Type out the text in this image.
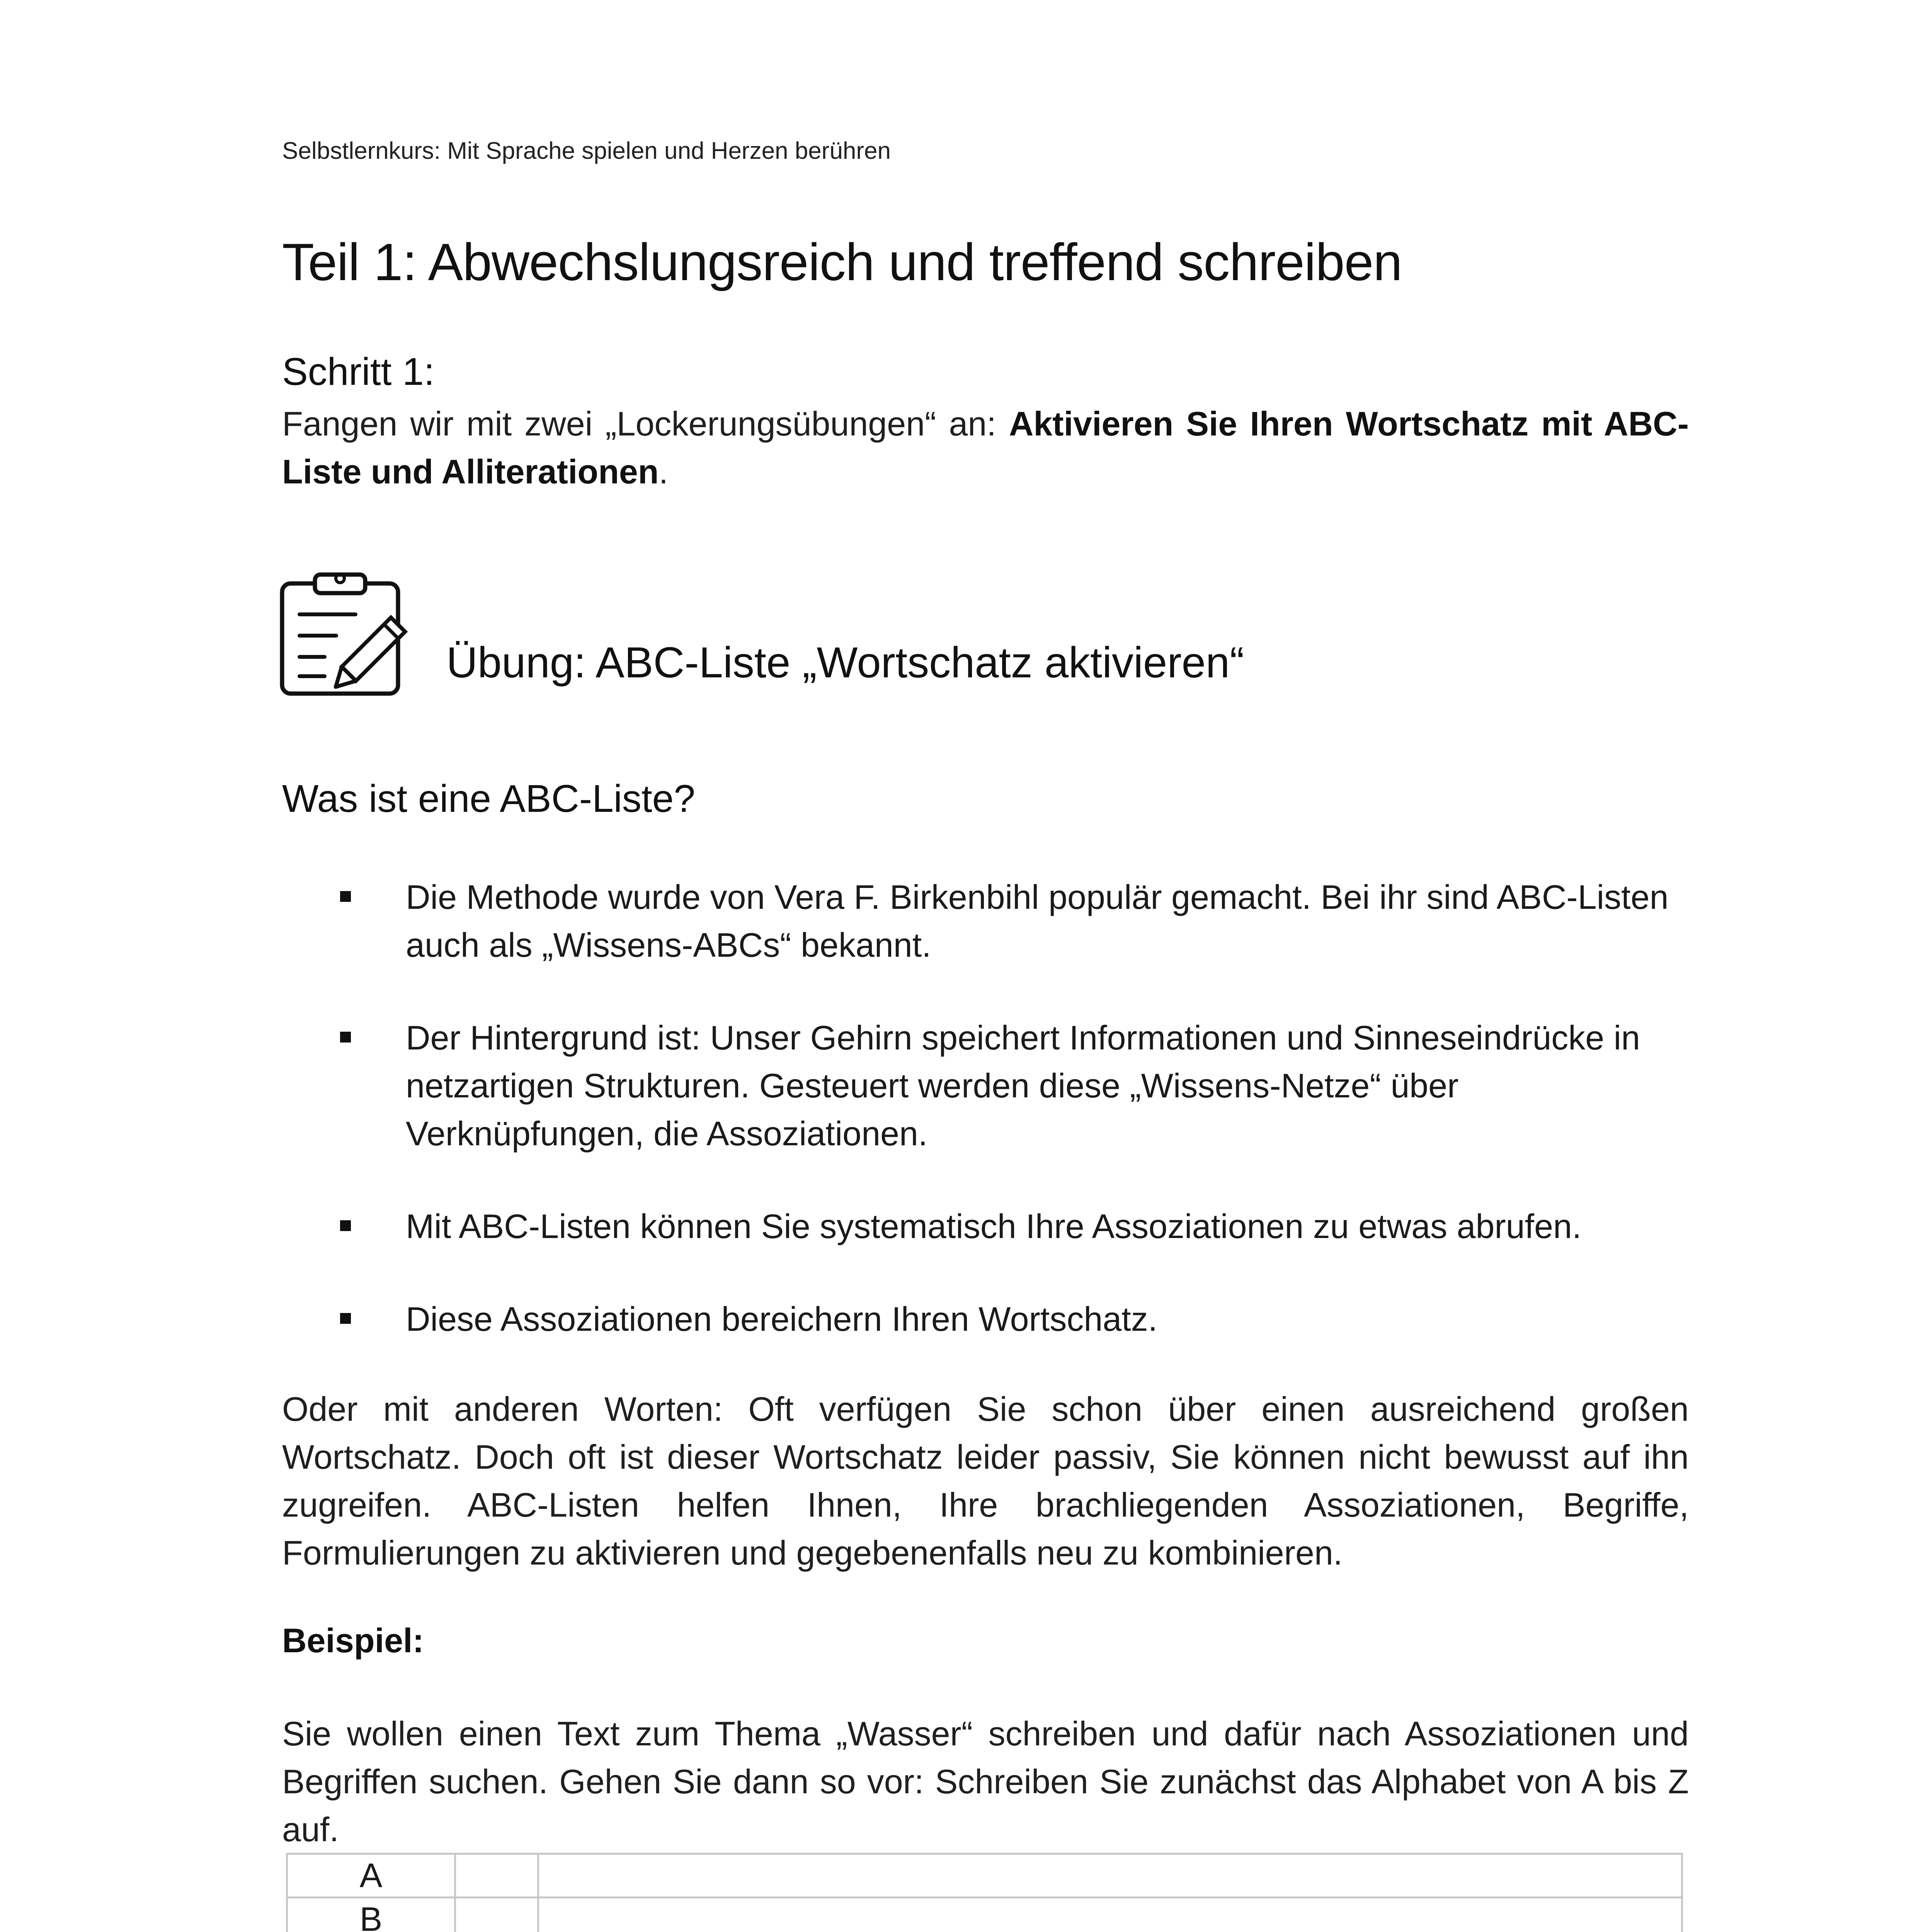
Selbstlernkurs: Mit Sprache spielen und Herzen berühren
Teil 1: Abwechslungsreich und treffend schreiben
Schritt 1:
Fangen wir mit zwei „Lockerungsübungen“ an: Aktivieren Sie Ihren Wortschatz mit ABC-Liste und Alliterationen.
Übung: ABC-Liste „Wortschatz aktivieren“
Was ist eine ABC-Liste?
Die Methode wurde von Vera F. Birkenbihl populär gemacht. Bei ihr sind ABC-Listen auch als „Wissens-ABCs“ bekannt.
Der Hintergrund ist: Unser Gehirn speichert Informationen und Sinneseindrücke in netzartigen Strukturen. Gesteuert werden diese „Wissens-Netze“ über Verknüpfungen, die Assoziationen.
Mit ABC-Listen können Sie systematisch Ihre Assoziationen zu etwas abrufen.
Diese Assoziationen bereichern Ihren Wortschatz.
Oder mit anderen Worten: Oft verfügen Sie schon über einen ausreichend großen Wortschatz. Doch oft ist dieser Wortschatz leider passiv, Sie können nicht bewusst auf ihn zugreifen. ABC-Listen helfen Ihnen, Ihre brachliegenden Assoziationen, Begriffe, Formulierungen zu aktivieren und gegebenenfalls neu zu kombinieren.
Beispiel:
Sie wollen einen Text zum Thema „Wasser“ schreiben und dafür nach Assoziationen und Begriffen suchen. Gehen Sie dann so vor: Schreiben Sie zunächst das Alphabet von A bis Z auf.
A		
B		
